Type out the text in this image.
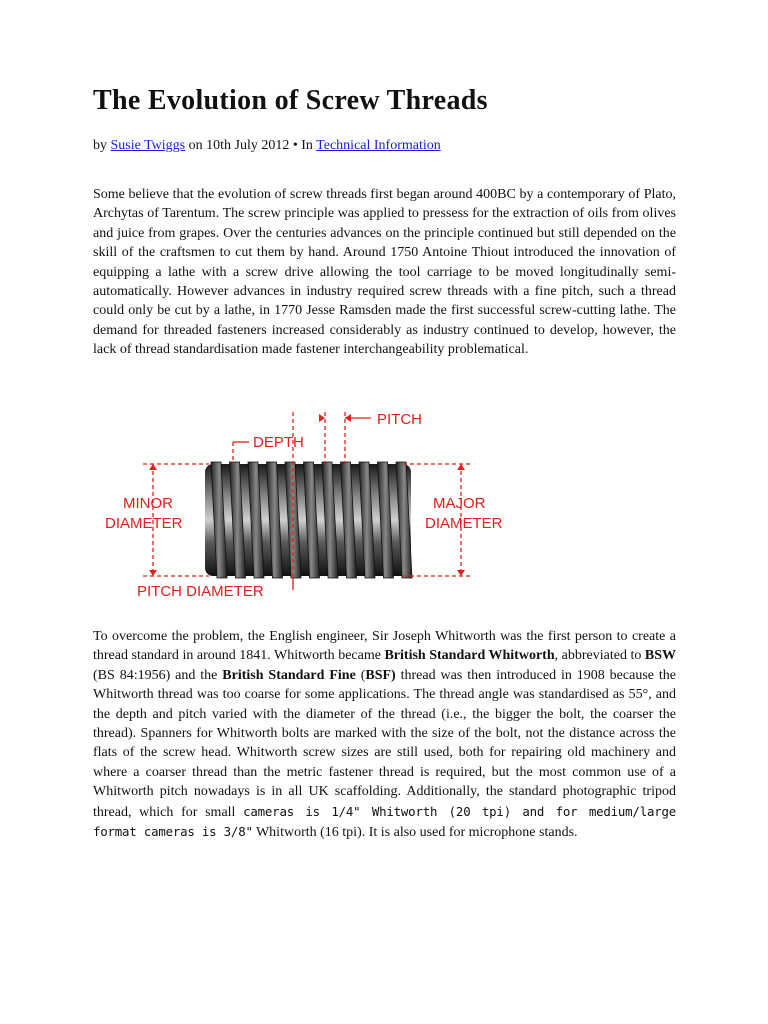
The Evolution of Screw Threads
by Susie Twiggs on 10th July 2012 • In Technical Information

Some believe that the evolution of screw threads first began around 400BC by a contemporary of Plato, Archytas of Tarentum. The screw principle was applied to pressess for the extraction of oils from olives and juice from grapes. Over the centuries advances on the principle continued but still depended on the skill of the craftsmen to cut them by hand. Around 1750 Antoine Thiout introduced the innovation of equipping a lathe with a screw drive allowing the tool carriage to be moved longitudinally semi-automatically. However advances in industry required screw threads with a fine pitch, such a thread could only be cut by a lathe, in 1770 Jesse Ramsden made the first successful screw-cutting lathe. The demand for threaded fasteners increased considerably as industry continued to develop, however, the lack of thread standardisation made fastener interchangeability problematical.

DEPTH
PITCH
MINOR
DIAMETER
MAJOR
DIAMETER
PITCH DIAMETER

To overcome the problem, the English engineer, Sir Joseph Whitworth was the first person to create a thread standard in around 1841. Whitworth became British Standard Whitworth, abbreviated to BSW (BS 84:1956) and the British Standard Fine (BSF) thread was then introduced in 1908 because the Whitworth thread was too coarse for some applications. The thread angle was standardised as 55°, and the depth and pitch varied with the diameter of the thread (i.e., the bigger the bolt, the coarser the thread). Spanners for Whitworth bolts are marked with the size of the bolt, not the distance across the flats of the screw head. Whitworth screw sizes are still used, both for repairing old machinery and where a coarser thread than the metric fastener thread is required, but the most common use of a Whitworth pitch nowadays is in all UK scaffolding. Additionally, the standard photographic tripod thread, which for small cameras is 1/4" Whitworth (20 tpi) and for medium/large format cameras is 3/8" Whitworth (16 tpi). It is also used for microphone stands.
